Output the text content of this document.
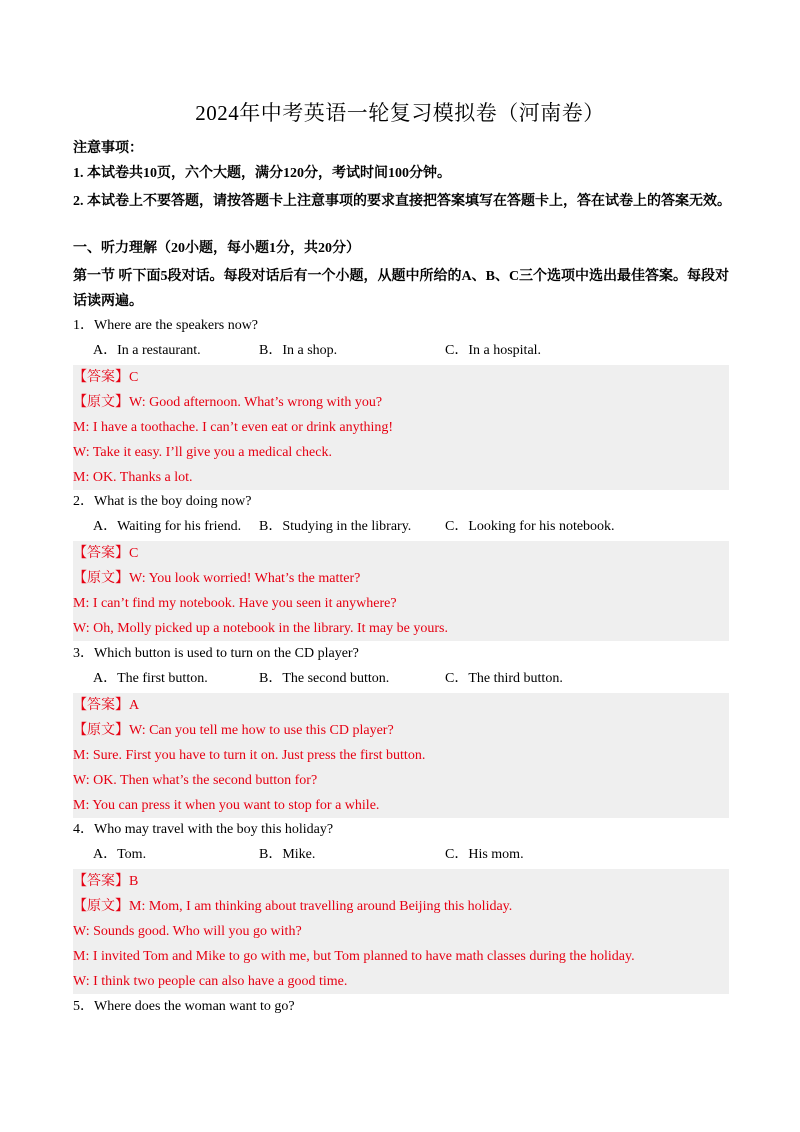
2024年中考英语一轮复习模拟卷（河南卷）
注意事项：
1. 本试卷共10页，六个大题，满分120分，考试时间100分钟。
2. 本试卷上不要答题，请按答题卡上注意事项的要求直接把答案填写在答题卡上，答在试卷上的答案无效。
一、听力理解（20小题，每小题1分，共20分）
第一节 听下面5段对话。每段对话后有一个小题，从题中所给的A、B、C三个选项中选出最佳答案。每段对话读两遍。
1．Where are the speakers now?
A．In a restaurant.	B．In a shop.	C．In a hospital.
【答案】C
【原文】W: Good afternoon. What’s wrong with you?
M: I have a toothache. I can’t even eat or drink anything!
W: Take it easy. I’ll give you a medical check.
M: OK. Thanks a lot.
2．What is the boy doing now?
A．Waiting for his friend. B．Studying in the library. C．Looking for his notebook.
【答案】C
【原文】W: You look worried! What’s the matter?
M: I can’t find my notebook. Have you seen it anywhere?
W: Oh, Molly picked up a notebook in the library. It may be yours.
3．Which button is used to turn on the CD player?
A．The first button.	B．The second button.	C．The third button.
【答案】A
【原文】W: Can you tell me how to use this CD player?
M: Sure. First you have to turn it on. Just press the first button.
W: OK. Then what’s the second button for?
M: You can press it when you want to stop for a while.
4．Who may travel with the boy this holiday?
A．Tom.	B．Mike.	C．His mom.
【答案】B
【原文】M: Mom, I am thinking about travelling around Beijing this holiday.
W: Sounds good. Who will you go with?
M: I invited Tom and Mike to go with me, but Tom planned to have math classes during the holiday.
W: I think two people can also have a good time.
5．Where does the woman want to go?
